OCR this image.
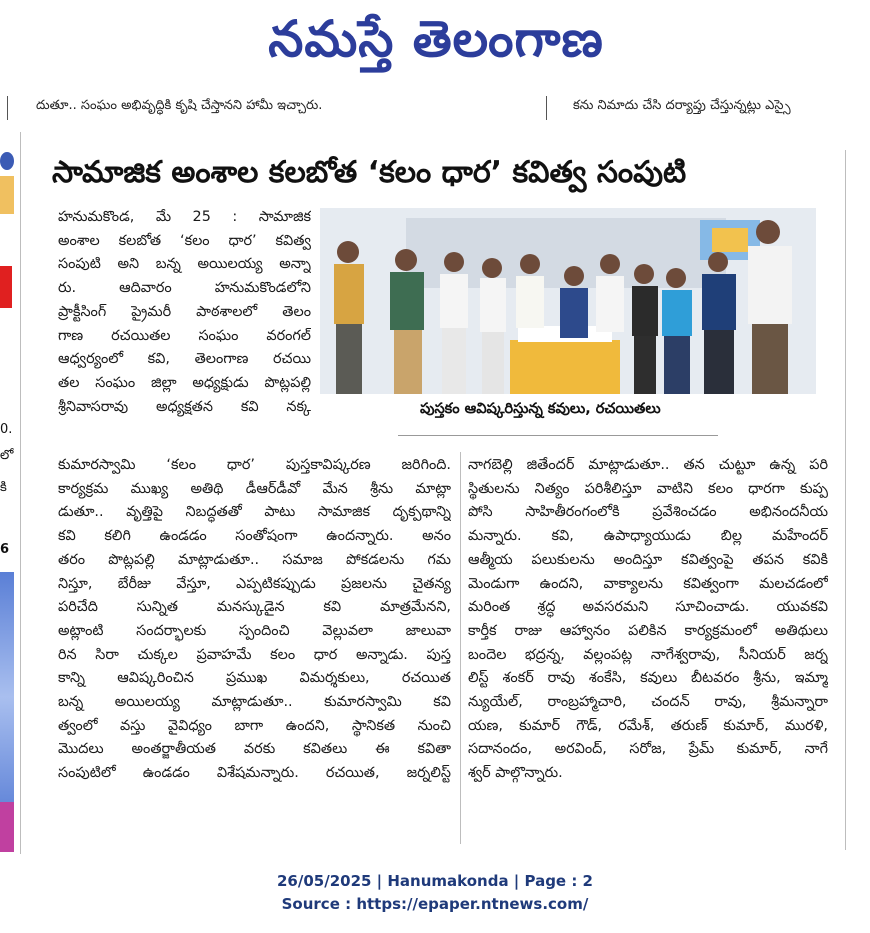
నమస్తే తెలంగాణ
దుతూ.. సంఘం అభివృద్ధికి కృషి చేస్తానని హామీ ఇచ్చారు.	కను నిమాదు చేసి దర్యాప్తు చేస్తున్నట్లు ఎస్సై
0.
లో
కి
6
సామాజిక అంశాల కలబోత ‘కలం ధార’ కవిత్వ సంపుటి

హనుమకొండ, మే 25 : సామాజిక

అంశాల కలబోత ‘కలం ధార’ కవిత్వ

సంపుటి అని బన్న అయిలయ్య అన్నా

రు. ఆదివారం హనుమకొండలోని

ప్రాక్టీసింగ్ ప్రైమరీ పాఠశాలలో తెలం

గాణ రచయితల సంఘం వరంగల్

ఆధ్వర్యంలో కవి, తెలంగాణ రచయి

తల సంఘం జిల్లా అధ్యక్షుడు పొట్లపల్లి

శ్రీనివాసరావు అధ్యక్షతన కవి నక్క	పుస్తకం ఆవిష్కరిస్తున్న కవులు, రచయితలు

కుమారస్వామి ‘కలం ధార’ పుస్తకావిష్కరణ జరిగింది.

కార్యక్రమ ముఖ్య అతిథి డీఆర్‌డీవో మేన శ్రీను మాట్లా

డుతూ.. వృత్తిపై నిబద్ధతతో పాటు సామాజిక దృక్పథాన్ని

కవి కలిగి ఉండడం సంతోషంగా ఉందన్నారు. అనం

తరం పొట్లపల్లి మాట్లాడుతూ.. సమాజ పోకడలను గమ

నిస్తూ, బేరీజు వేస్తూ, ఎప్పటికప్పుడు ప్రజలను చైతన్య

పరిచేది సున్నిత మనస్కుడైన కవి మాత్రమేనని,

అట్లాంటి సందర్భాలకు స్పందించి వెల్లువలా జాలువా

రిన సిరా చుక్కల ప్రవాహమే కలం ధార అన్నాడు. పుస్త

కాన్ని ఆవిష్కరించిన ప్రముఖ విమర్శకులు, రచయిత

బన్న అయిలయ్య మాట్లాడుతూ.. కుమారస్వామి కవి

త్వంలో వస్తు వైవిధ్యం బాగా ఉందని, స్థానికత నుంచి

మొదలు అంతర్జాతీయత వరకు కవితలు ఈ కవితా

సంపుటిలో ఉండడం విశేషమన్నారు. రచయిత, జర్నలిస్ట్

నాగబెల్లి జితేందర్ మాట్లాడుతూ.. తన చుట్టూ ఉన్న పరి

స్థితులను నిత్యం పరిశీలిస్తూ వాటిని కలం ధారగా కుప్ప

పోసి సాహితీరంగంలోకి ప్రవేశించడం అభినందనీయ

మన్నారు. కవి, ఉపాధ్యాయుడు బిల్ల మహేందర్

ఆత్మీయ పలుకులను అందిస్తూ కవిత్వంపై తపన కవికి

మెండుగా ఉందని, వాక్యాలను కవిత్వంగా మలచడంలో

మరింత శ్రద్ధ అవసరమని సూచించాడు. యువకవి

కార్తీక రాజు ఆహ్వానం పలికిన కార్యక్రమంలో అతిథులు

బందెల భద్రన్న, వల్లంపట్ల నాగేశ్వరావు, సీనియర్ జర్న

లిస్ట్ శంకర్ రావు శంకేసి, కవులు బీటవరం శ్రీను, ఇమ్మా

న్యుయేల్, రాంబ్రహ్మాచారి, చందన్ రావు, శ్రీమన్నారా

యణ, కుమార్ గౌడ్, రమేశ్, తరుణ్ కుమార్, మురళి,

సదానందం, అరవింద్, సరోజ, ప్రేమ్ కుమార్, నాగే

శ్వర్ పాల్గొన్నారు.

26/05/2025 | Hanumakonda | Page : 2
Source : https://epaper.ntnews.com/
